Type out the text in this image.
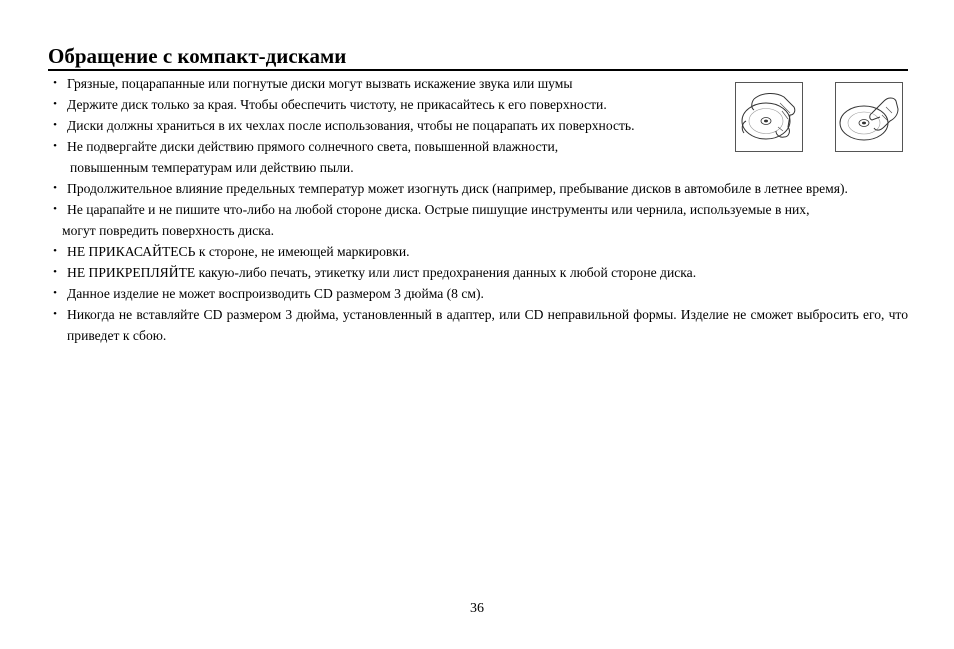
Обращение с компакт-дисками
• Грязные, поцарапанные или погнутые диски могут вызвать искажение звука или шумы
• Держите диск только за края. Чтобы обеспечить чистоту, не прикасайтесь к его поверхности.
• Диски должны храниться в их чехлах после использования, чтобы не поцарапать их поверхность.
• Не подвергайте диски действию прямого солнечного света, повышенной влажности,
повышенным температурам или действию пыли.
• Продолжительное влияние предельных температур может изогнуть диск (например, пребывание дисков в автомобиле в летнее время).
• Не царапайте и не пишите что-либо на любой стороне диска. Острые пишущие инструменты или чернила, используемые в них,
могут повредить поверхность диска.
• НЕ ПРИКАСАЙТЕСЬ к стороне, не имеющей маркировки.
• НЕ ПРИКРЕПЛЯЙТЕ какую-либо печать, этикетку или лист предохранения данных к любой стороне диска.
• Данное изделие не может воспроизводить CD размером 3 дюйма (8 см).
• Никогда не вставляйте CD размером 3 дюйма, установленный в адаптер, или CD неправильной формы. Изделие не сможет выбросить его, что приведет к сбою.
36
